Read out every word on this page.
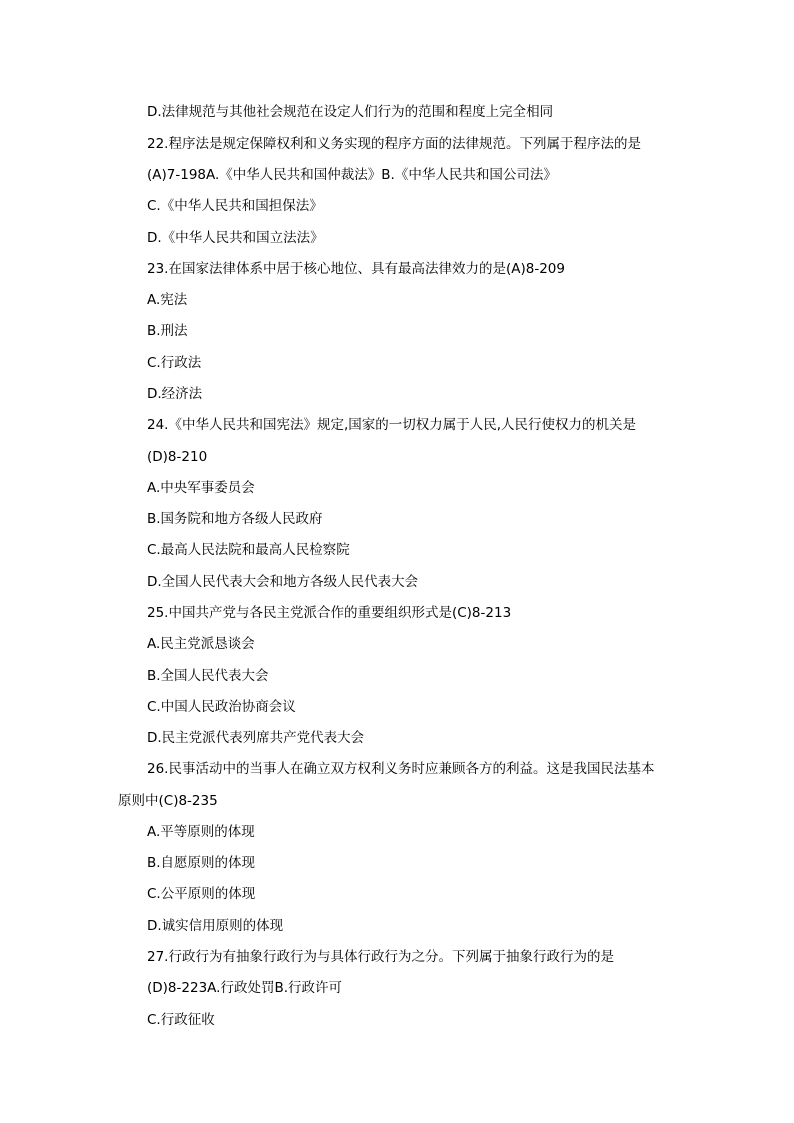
D.法律规范与其他社会规范在设定人们行为的范围和程度上完全相同
22.程序法是规定保障权利和义务实现的程序方面的法律规范。下列属于程序法的是
(A)7-198A.《中华人民共和国仲裁法》B.《中华人民共和国公司法》
C.《中华人民共和国担保法》
D.《中华人民共和国立法法》
23.在国家法律体系中居于核心地位、具有最高法律效力的是(A)8-209
A.宪法
B.刑法
C.行政法
D.经济法
24.《中华人民共和国宪法》规定,国家的一切权力属于人民,人民行使权力的机关是
(D)8-210
A.中央军事委员会
B.国务院和地方各级人民政府
C.最高人民法院和最高人民检察院
D.全国人民代表大会和地方各级人民代表大会
25.中国共产党与各民主党派合作的重要组织形式是(C)8-213
A.民主党派恳谈会
B.全国人民代表大会
C.中国人民政治协商会议
D.民主党派代表列席共产党代表大会
26.民事活动中的当事人在确立双方权利义务时应兼顾各方的利益。这是我国民法基本
原则中(C)8-235
A.平等原则的体现
B.自愿原则的体现
C.公平原则的体现
D.诚实信用原则的体现
27.行政行为有抽象行政行为与具体行政行为之分。下列属于抽象行政行为的是
(D)8-223A.行政处罚B.行政许可
C.行政征收
